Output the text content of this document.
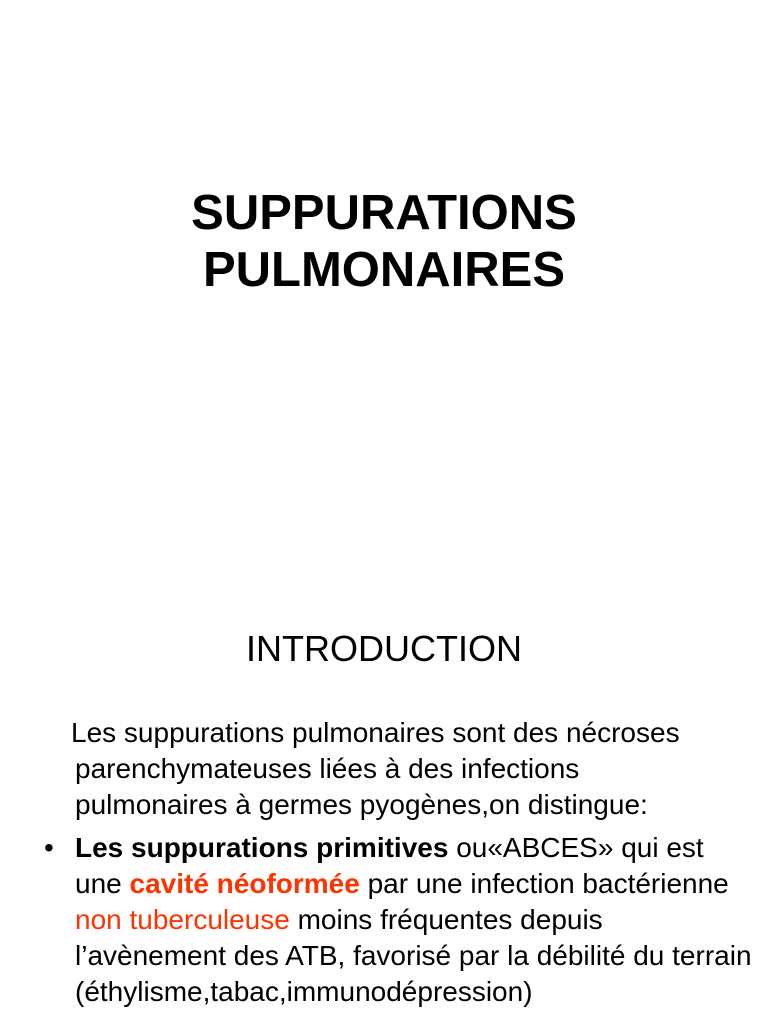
SUPPURATIONS
PULMONAIRES
INTRODUCTION
Les suppurations pulmonaires sont des nécroses
parenchymateuses liées à des infections
pulmonaires à germes pyogènes,on distingue:
• Les suppurations primitives ou«ABCES» qui est une cavité néoformée par une infection bactérienne non tuberculeuse moins fréquentes depuis l’avènement des ATB, favorisé par la débilité du terrain (éthylisme,tabac,immunodépression)
